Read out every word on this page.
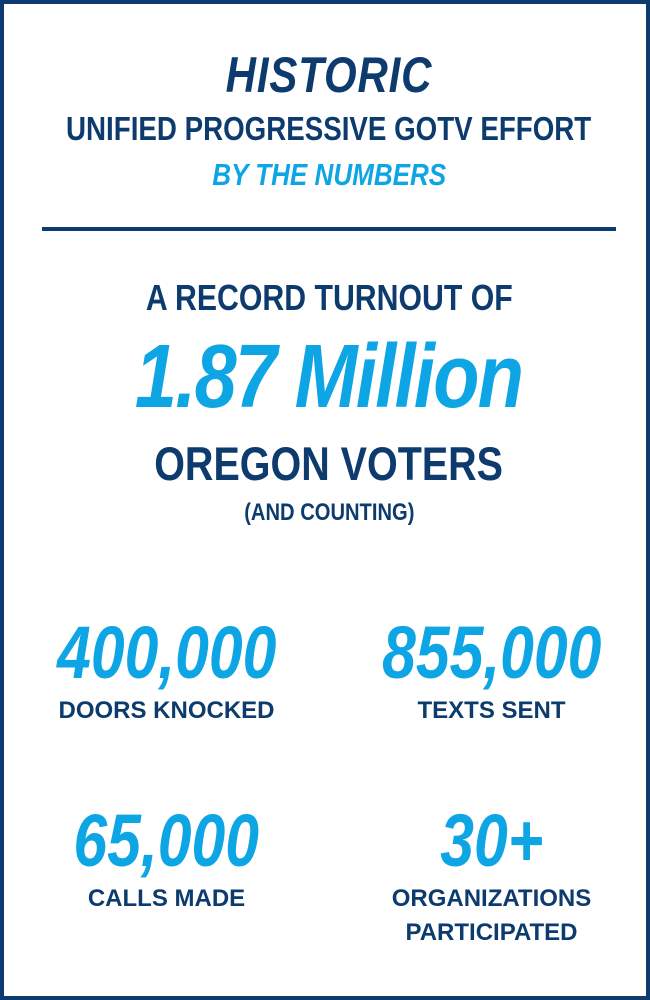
HISTORIC
UNIFIED PROGRESSIVE GOTV EFFORT
BY THE NUMBERS
A RECORD TURNOUT OF
1.87 Million
OREGON VOTERS
(AND COUNTING)
400,000
DOORS KNOCKED
855,000
TEXTS SENT
65,000
CALLS MADE
30+
ORGANIZATIONS
PARTICIPATED
